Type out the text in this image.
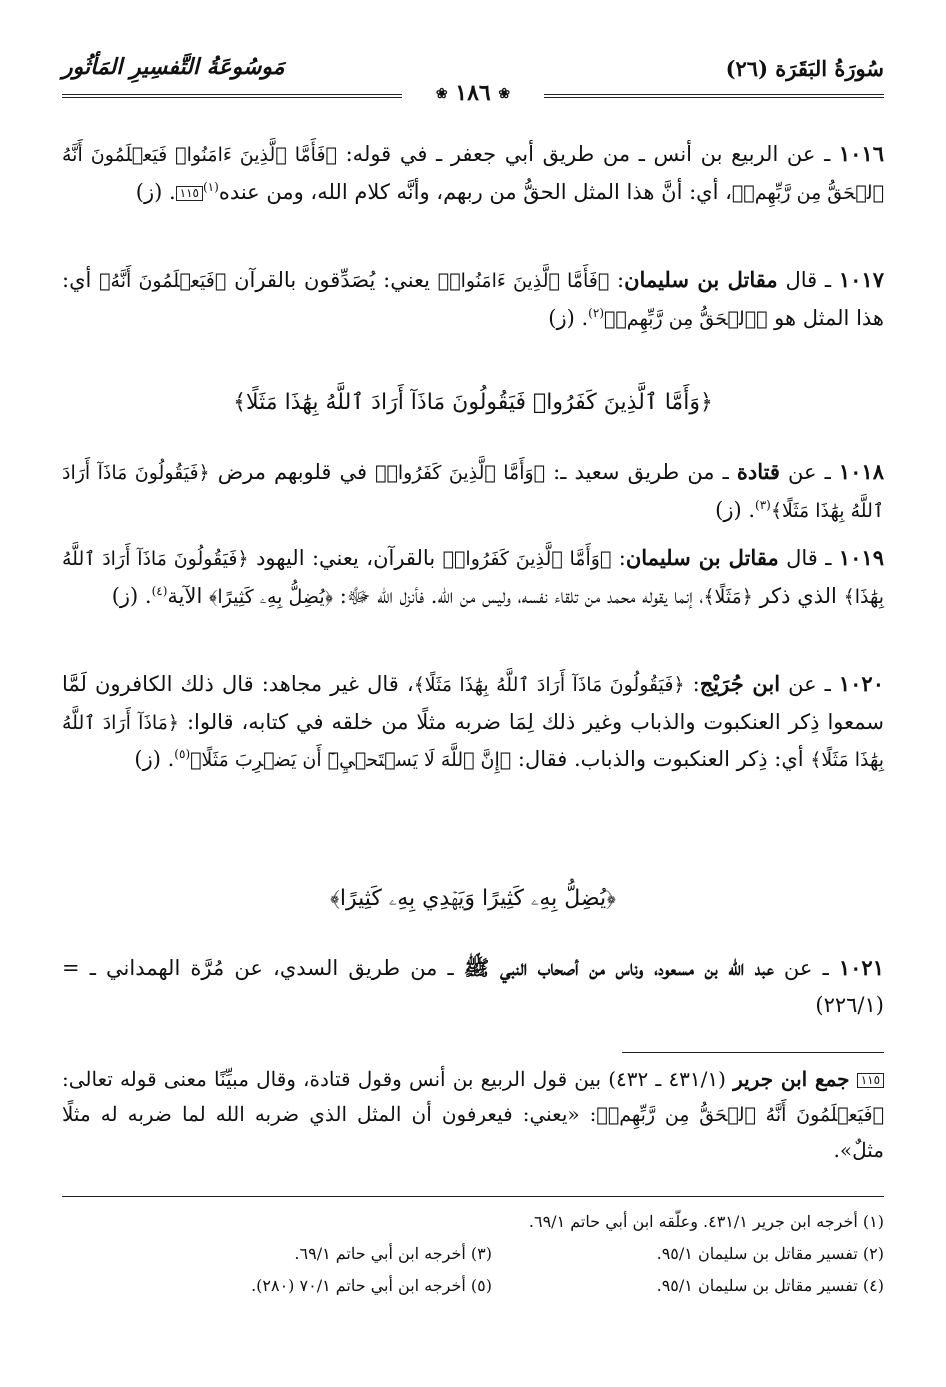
سُورَةُ البَقَرَة (٢٦)
مَوسُوعَةُ التَّفسِيرِ المَأثُور
❀ ١٨٦ ❀

١٠١٦ ـ عن الربيع بن أنس ـ من طريق أبي جعفر ـ في قوله: ﴿فَأَمَّا ٱلَّذِينَ ءَامَنُوا۟ فَيَعۡلَمُونَ أَنَّهُ ٱلۡحَقُّ مِن رَّبِّهِمۡ﴾، أي: أنَّ هذا المثل الحقُّ من ربهم، وأنَّه كلام الله، ومن عنده$^{(١)}$١١٥. (ز)

١٠١٧ ـ قال مقاتل بن سليمان: ﴿فَأَمَّا ٱلَّذِينَ ءَامَنُوا۟﴾ يعني: يُصَدِّقون بالقرآن ﴿فَيَعۡلَمُونَ أَنَّهُ﴾ أي: هذا المثل هو ﴿ٱلۡحَقُّ مِن رَّبِّهِمۡ﴾$^{(٢)}$. (ز)

﴿وَأَمَّا ٱلَّذِينَ كَفَرُوا۟ فَيَقُولُونَ مَاذَآ أَرَادَ ٱللَّهُ بِهَٰذَا مَثَلًا﴾

١٠١٨ ـ عن قتادة ـ من طريق سعيد ـ: ﴿وَأَمَّا ٱلَّذِينَ كَفَرُوا۟﴾ في قلوبهم مرض ﴿فَيَقُولُونَ مَاذَآ أَرَادَ ٱللَّهُ بِهَٰذَا مَثَلًا﴾$^{(٣)}$. (ز)

١٠١٩ ـ قال مقاتل بن سليمان: ﴿وَأَمَّا ٱلَّذِينَ كَفَرُوا۟﴾ بالقرآن، يعني: اليهود ﴿فَيَقُولُونَ مَاذَآ أَرَادَ ٱللَّهُ بِهَٰذَا﴾ الذي ذكر ﴿مَثَلًا﴾، إنما يقوله محمد من تلقاء نفسه، وليس من الله. فأنزل الله ﷻ: ﴿يُضِلُّ بِهِۦ كَثِيرًا﴾ الآية$^{(٤)}$. (ز)

١٠٢٠ ـ عن ابن جُرَيْج: ﴿فَيَقُولُونَ مَاذَآ أَرَادَ ٱللَّهُ بِهَٰذَا مَثَلًا﴾، قال غير مجاهد: قال ذلك الكافرون لَمَّا سمعوا ذِكر العنكبوت والذباب وغير ذلك لِمَا ضربه مثلًا من خلقه في كتابه، قالوا: ﴿مَاذَآ أَرَادَ ٱللَّهُ بِهَٰذَا مَثَلًا﴾ أي: ذِكر العنكبوت والذباب. فقال: ﴿إِنَّ ٱللَّهَ لَا يَسۡتَحۡيِۦٓ أَن يَضۡرِبَ مَثَلًا﴾$^{(٥)}$. (ز)

﴿يُضِلُّ بِهِۦ كَثِيرًا وَيَهۡدِي بِهِۦ كَثِيرًا﴾

١٠٢١ ـ عن عبد الله بن مسعود، وناس من أصحاب النبي ﷺ ـ من طريق السدي، عن مُرَّة الهمداني ـ = (٢٢٦/١)

١١٥ جمع ابن جرير (٤٣١/١ ـ ٤٣٢) بين قول الربيع بن أنس وقول قتادة، وقال مبيِّنًا معنى قوله تعالى: ﴿فَيَعۡلَمُونَ أَنَّهُ ٱلۡحَقُّ مِن رَّبِّهِمۡ﴾: «يعني: فيعرفون أن المثل الذي ضربه الله لما ضربه له مثلًا مثلٌ».

(١) أخرجه ابن جرير ٤٣١/١. وعلّقه ابن أبي حاتم ٦٩/١.

(٢) تفسير مقاتل بن سليمان ٩٥/١.(٣) أخرجه ابن أبي حاتم ٦٩/١.

(٤) تفسير مقاتل بن سليمان ٩٥/١.(٥) أخرجه ابن أبي حاتم ٧٠/١ (٢٨٠).
